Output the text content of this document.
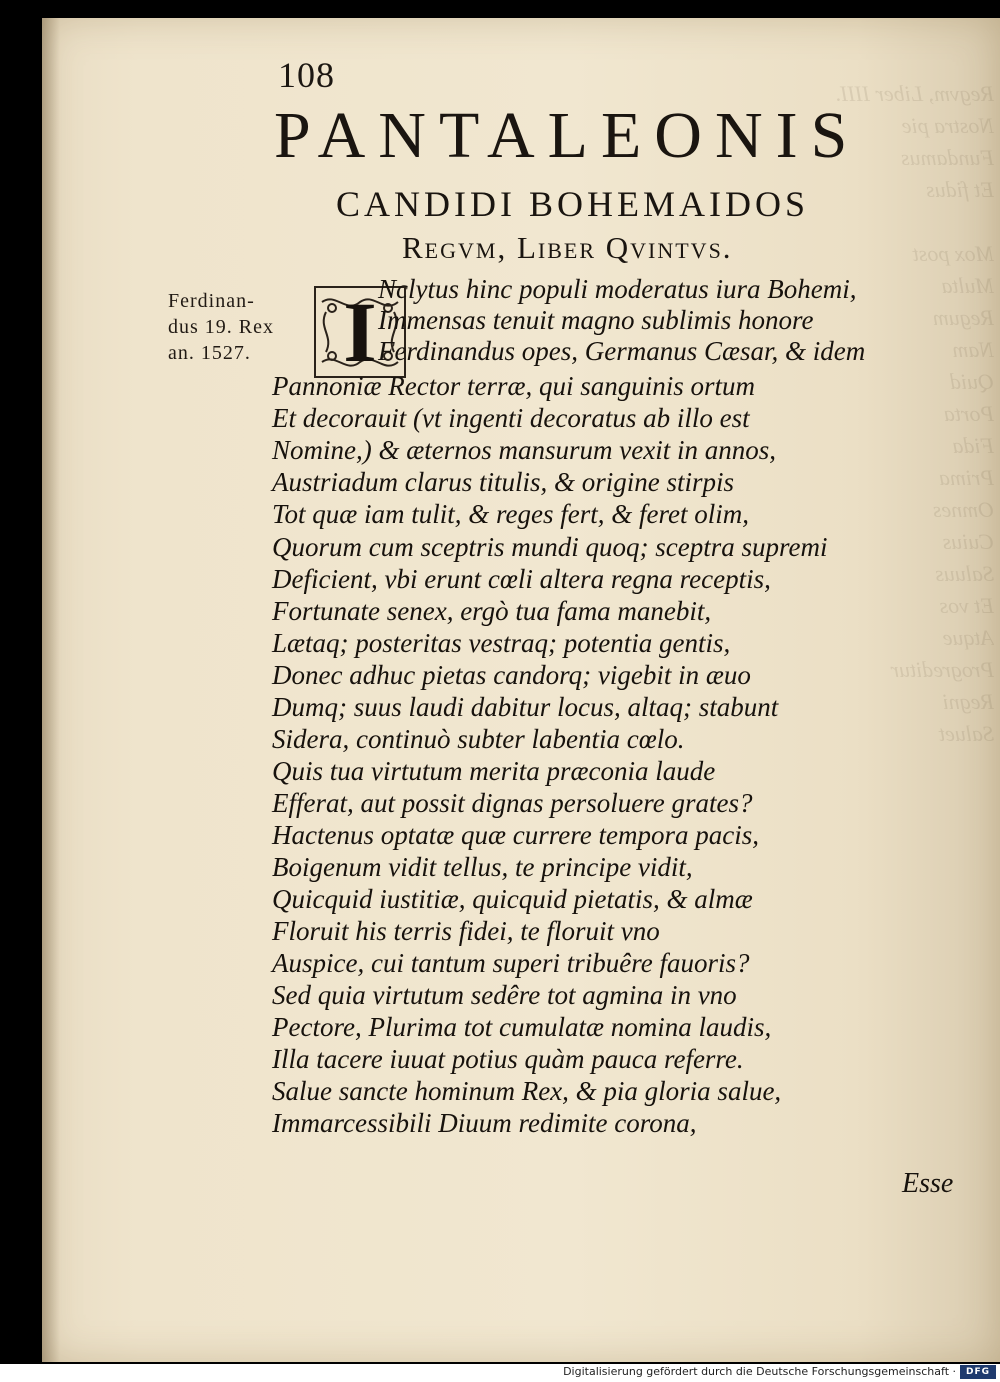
Regvm, Liber IIII.
Nostra pie
Fundamus
Et fidus

Mox post
Multa
Regum
Nam
Quid
Porta
Fida
Prima
Omnes
Cuius
Saluus
Et vos
Atque
Progreditur
Regni
Saluet
108
PANTALEONIS
CANDIDI BOHEMAIDOS
Regvm, Liber Qvintvs.
Ferdinan-
dus 19. Rex
an. 1527.	I Nclytus hinc populi moderatus iura Bohemi,
Immensas tenuit magno sublimis honore
Ferdinandus opes, Germanus Cæsar, & idem
Pannoniæ Rector terræ, qui sanguinis ortum
Et decorauit (vt ingenti decoratus ab illo est
Nomine,) & æternos mansurum vexit in annos,
Austriadum clarus titulis, & origine stirpis
Tot quæ iam tulit, & reges fert, & feret olim,
Quorum cum sceptris mundi quoq; sceptra supremi
Deficient, vbi erunt cœli altera regna receptis,
Fortunate senex, ergò tua fama manebit,
Lætaq; posteritas vestraq; potentia gentis,
Donec adhuc pietas candorq; vigebit in æuo
Dumq; suus laudi dabitur locus, altaq; stabunt
Sidera, continuò subter labentia cœlo.
Quis tua virtutum merita præconia laude
Efferat, aut possit dignas persoluere grates?
Hactenus optatæ quæ currere tempora pacis,
Boigenum vidit tellus, te principe vidit,
Quicquid iustitiæ, quicquid pietatis, & almæ
Floruit his terris fidei, te floruit vno
Auspice, cui tantum superi tribuêre fauoris?
Sed quia virtutum sedêre tot agmina in vno
Pectore, Plurima tot cumulatæ nomina laudis,
Illa tacere iuuat potius quàm pauca referre.
Salue sancte hominum Rex, & pia gloria salue,
Immarcessibili Diuum redimite corona,
Esse
Digitalisierung gefördert durch die Deutsche Forschungsgemeinschaft ·	DFG
